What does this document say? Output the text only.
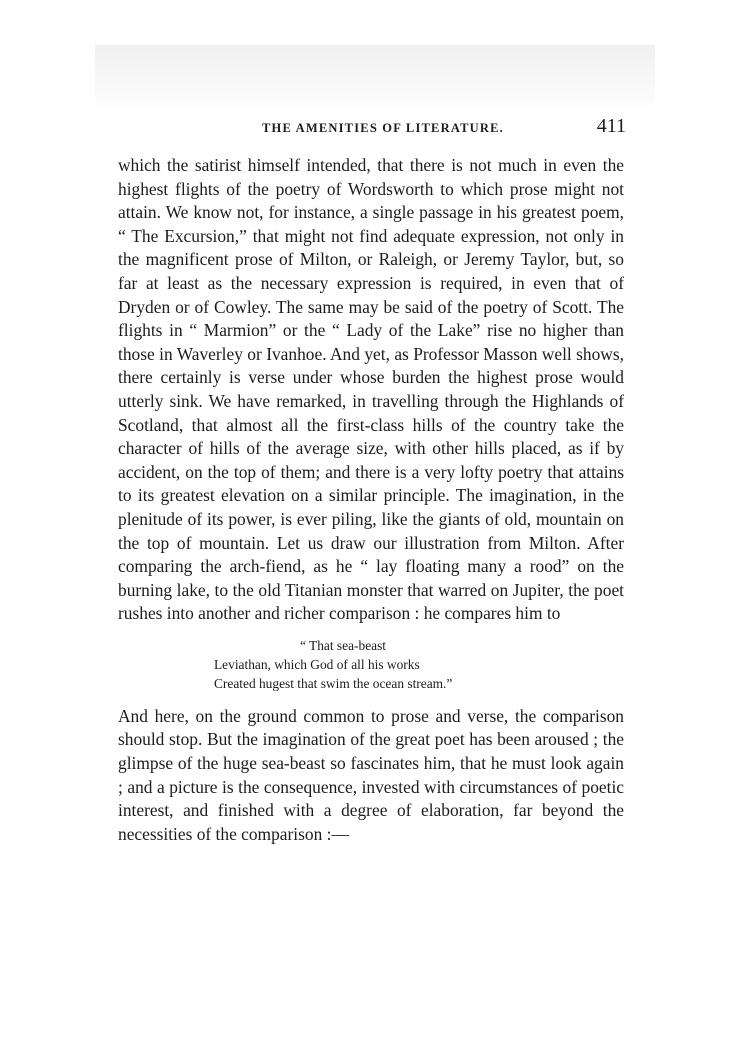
THE AMENITIES OF LITERATURE.	411

which the satirist himself intended, that there is not much in even the highest flights of the poetry of Wordsworth to which prose might not attain. We know not, for instance, a single passage in his greatest poem, “ The Excursion,” that might not find adequate expression, not only in the magnificent prose of Milton, or Raleigh, or Jeremy Taylor, but, so far at least as the necessary expression is required, in even that of Dryden or of Cowley. The same may be said of the poetry of Scott. The flights in “ Marmion” or the “ Lady of the Lake” rise no higher than those in Waverley or Ivanhoe. And yet, as Professor Masson well shows, there certainly is verse under whose burden the highest prose would utterly sink. We have remarked, in travelling through the Highlands of Scotland, that almost all the first-class hills of the country take the character of hills of the average size, with other hills placed, as if by accident, on the top of them; and there is a very lofty poetry that attains to its greatest elevation on a similar principle. The imagination, in the plenitude of its power, is ever piling, like the giants of old, mountain on the top of mountain. Let us draw our illustration from Milton. After comparing the arch-fiend, as he “ lay floating many a rood” on the burning lake, to the old Titanian monster that warred on Jupiter, the poet rushes into another and richer comparison : he compares him to

“ That sea-beast
Leviathan, which God of all his works
Created hugest that swim the ocean stream.”

And here, on the ground common to prose and verse, the comparison should stop. But the imagination of the great poet has been aroused ; the glimpse of the huge sea-beast so fascinates him, that he must look again ; and a picture is the consequence, invested with circumstances of poetic interest, and finished with a degree of elaboration, far beyond the necessities of the comparison :—
